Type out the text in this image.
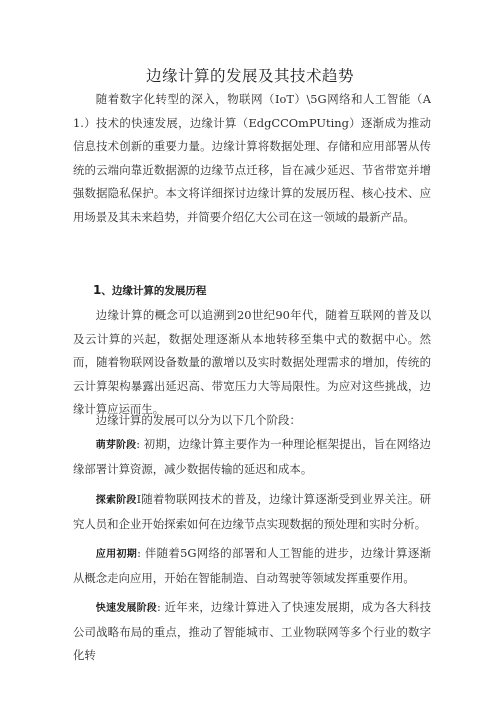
边缘计算的发展及其技术趋势

随着数字化转型的深入，物联网（IoT）\5G网络和人工智能（A1.）技术的快速发展，边缘计算（EdgCCOmPUting）逐渐成为推动信息技术创新的重要力量。边缘计算将数据处理、存储和应用部署从传统的云端向靠近数据源的边缘节点迁移，旨在减少延迟、节省带宽并增强数据隐私保护。本文将详细探讨边缘计算的发展历程、核心技术、应用场景及其未来趋势，并简要介绍亿大公司在这一领域的最新产品。

1、边缘计算的发展历程

边缘计算的概念可以追溯到20世纪90年代，随着互联网的普及以及云计算的兴起，数据处理逐渐从本地转移至集中式的数据中心。然而，随着物联网设备数量的激增以及实时数据处理需求的增加，传统的云计算架构暴露出延迟高、带宽压力大等局限性。为应对这些挑战，边缘计算应运而生。

边缘计算的发展可以分为以下几个阶段：

萌芽阶段: 初期，边缘计算主要作为一种理论框架提出，旨在网络边缘部署计算资源，减少数据传输的延迟和成本。

探索阶段I随着物联网技术的普及，边缘计算逐渐受到业界关注。研究人员和企业开始探索如何在边缘节点实现数据的预处理和实时分析。

应用初期: 伴随着5G网络的部署和人工智能的进步，边缘计算逐渐从概念走向应用，开始在智能制造、自动驾驶等领域发挥重要作用。

快速发展阶段: 近年来，边缘计算进入了快速发展期，成为各大科技公司战略布局的重点，推动了智能城市、工业物联网等多个行业的数字化转
